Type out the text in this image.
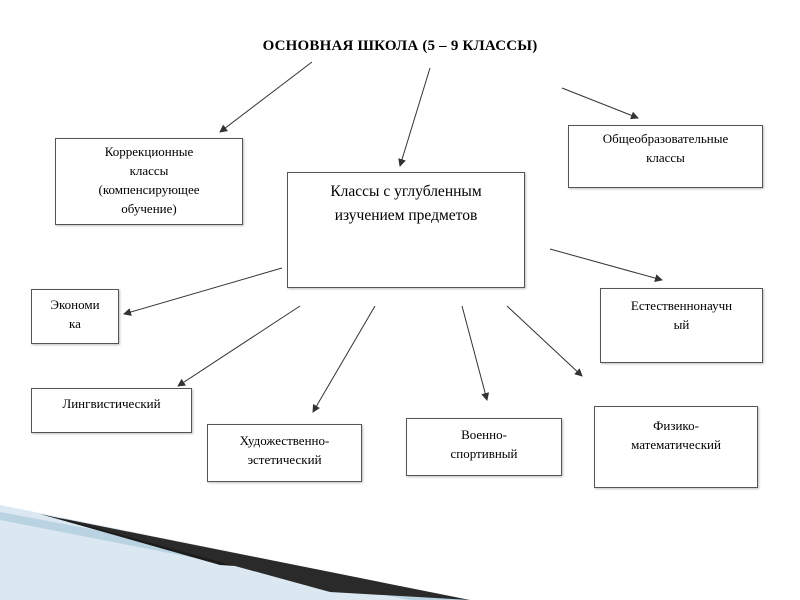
ОСНОВНАЯ ШКОЛА (5 – 9 КЛАССЫ)
Коррекционные
классы
(компенсирующее
обучение)
Общеобразовательные
классы
Классы с углубленным
изучением предметов
Экономи
ка
Естественнонаучн
ый
Лингвистический
Художественно-
эстетический
Военно-
спортивный
Физико-
математический
